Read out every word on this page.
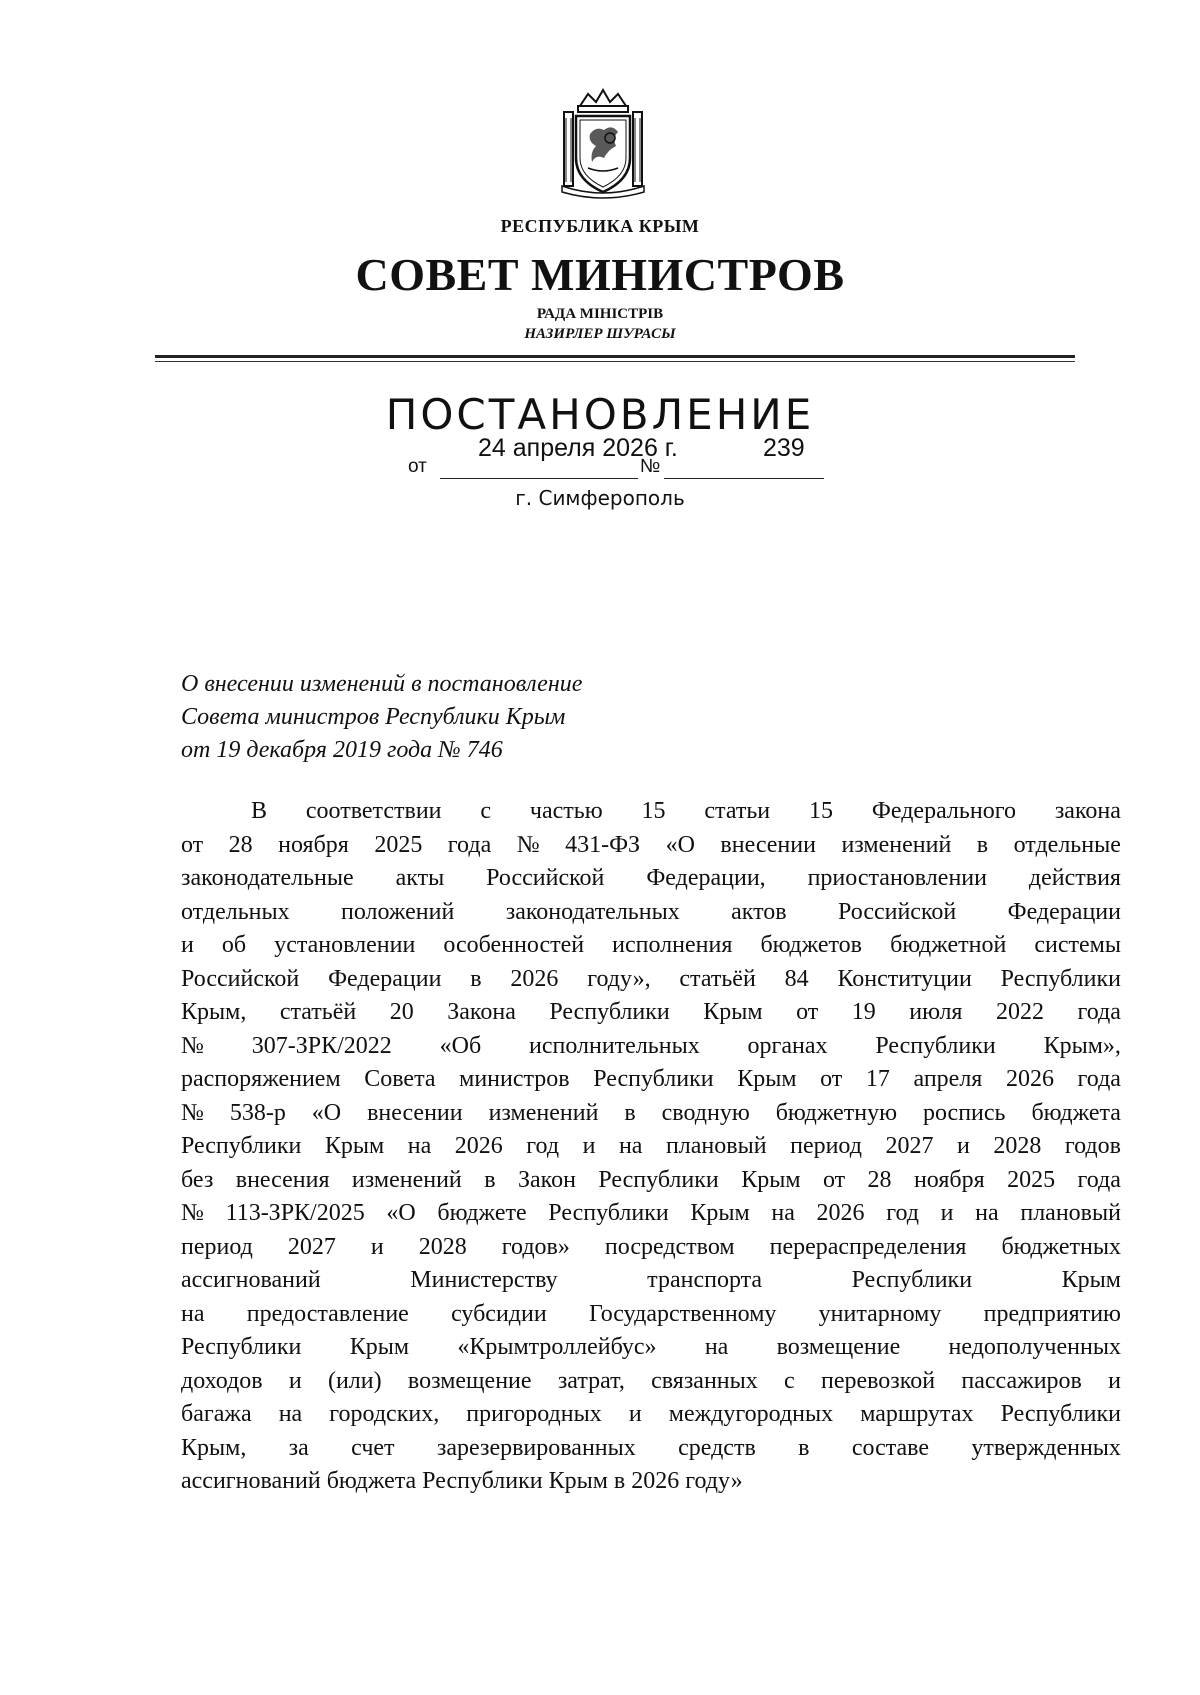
РЕСПУБЛИКА КРЫМ
СОВЕТ МИНИСТРОВ
РАДА МІНІСТРІВ
НАЗИРЛЕР ШУРАСЫ
ПОСТАНОВЛЕНИЕ
от
24 апреля 2026 г.
№
239
г. Симферополь
О внесении изменений в постановление
Совета министров Республики Крым
от 19 декабря 2019 года № 746
В соответствии с частью 15 статьи 15 Федерального закона
от 28 ноября 2025 года № 431-ФЗ «О внесении изменений в отдельные
законодательные акты Российской Федерации, приостановлении действия
отдельных положений законодательных актов Российской Федерации
и об установлении особенностей исполнения бюджетов бюджетной системы
Российской Федерации в 2026 году», статьёй 84 Конституции Республики
Крым, статьёй 20 Закона Республики Крым от 19 июля 2022 года
№ 307-ЗРК/2022 «Об исполнительных органах Республики Крым»,
распоряжением Совета министров Республики Крым от 17 апреля 2026 года
№ 538-р «О внесении изменений в сводную бюджетную роспись бюджета
Республики Крым на 2026 год и на плановый период 2027 и 2028 годов
без внесения изменений в Закон Республики Крым от 28 ноября 2025 года
№ 113-ЗРК/2025 «О бюджете Республики Крым на 2026 год и на плановый
период 2027 и 2028 годов» посредством перераспределения бюджетных
ассигнований	Министерству	транспорта	Республики	Крым
на предоставление субсидии Государственному унитарному предприятию
Республики Крым «Крымтроллейбус» на возмещение недополученных
доходов и (или) возмещение затрат, связанных с перевозкой пассажиров и
багажа на городских, пригородных и междугородных маршрутах Республики
Крым, за счет зарезервированных средств в составе утвержденных
ассигнований бюджета Республики Крым в 2026 году»
